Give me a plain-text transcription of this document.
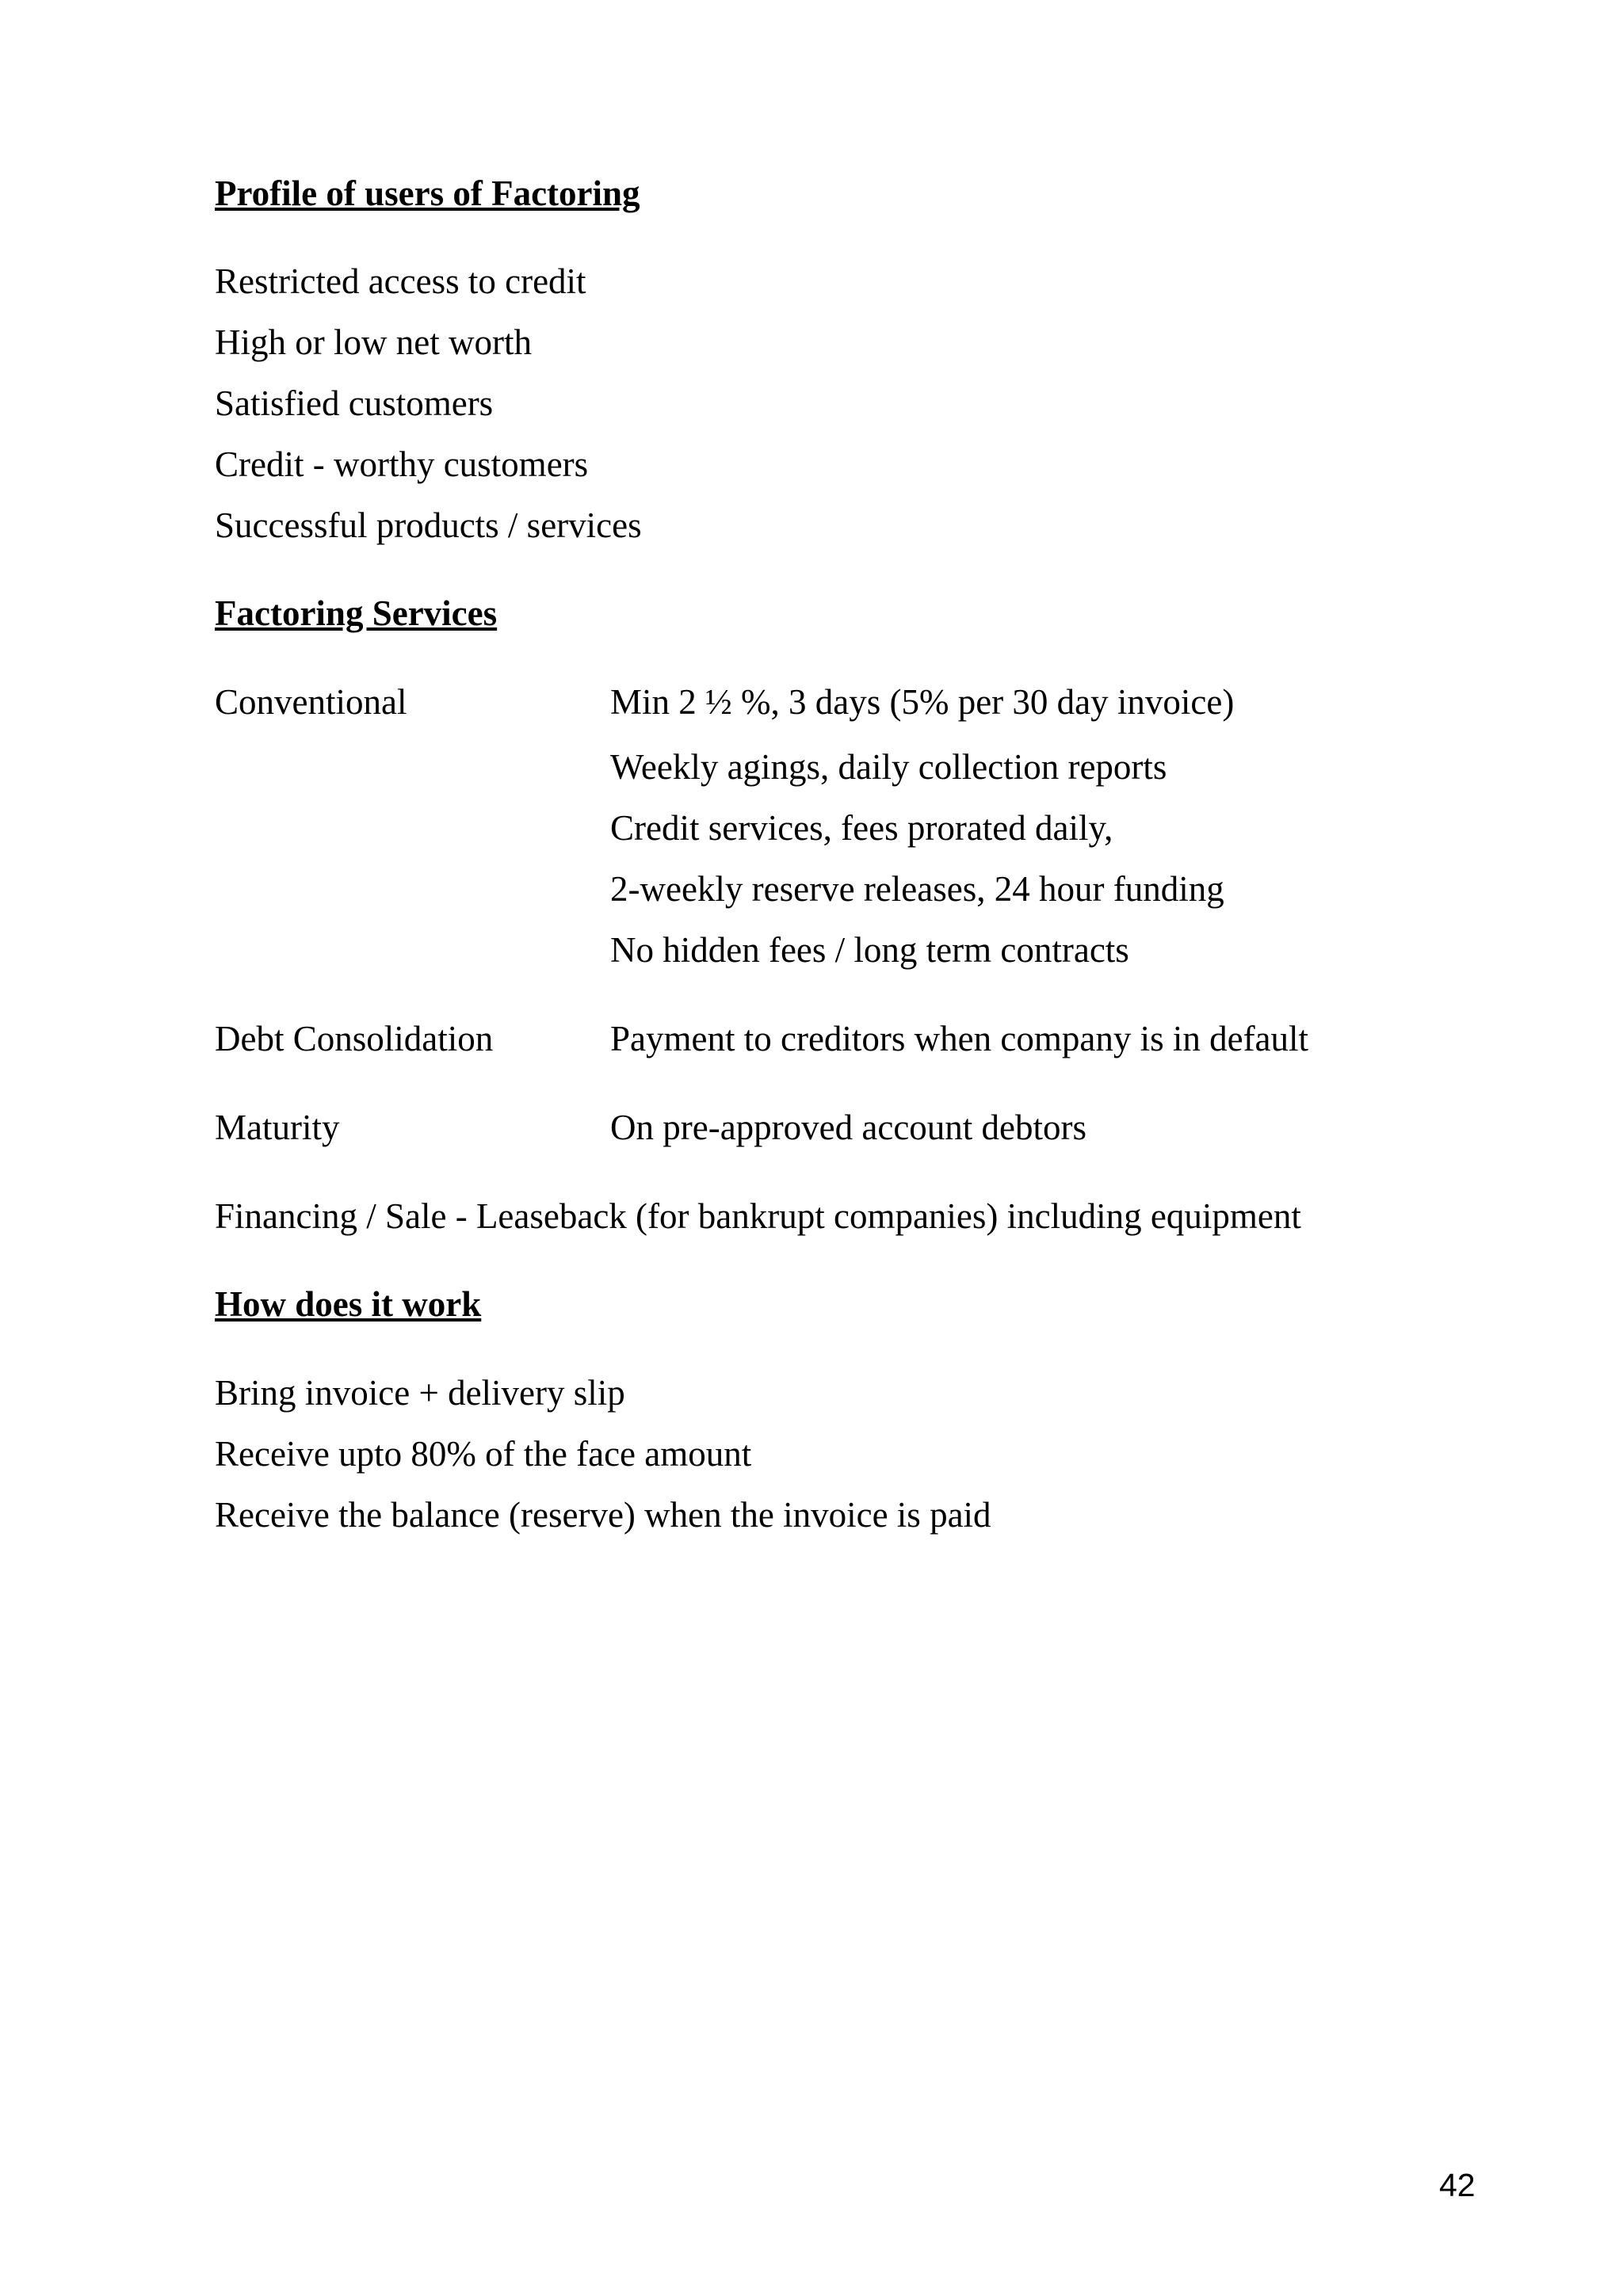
Profile of users of Factoring
Restricted access to credit
High or low net worth
Satisfied customers
Credit - worthy customers
Successful products / services
Factoring Services
Conventional	Min 2 ½ %, 3 days (5% per 30 day invoice)
Weekly agings, daily collection reports
Credit services, fees prorated daily,
2-weekly reserve releases, 24 hour funding
No hidden fees / long term contracts
Debt Consolidation	Payment to creditors when company is in default
Maturity	On pre-approved account debtors
Financing / Sale - Leaseback (for bankrupt companies) including equipment
How does it work
Bring invoice + delivery slip
Receive upto 80% of the face amount
Receive the balance (reserve) when the invoice is paid
42
